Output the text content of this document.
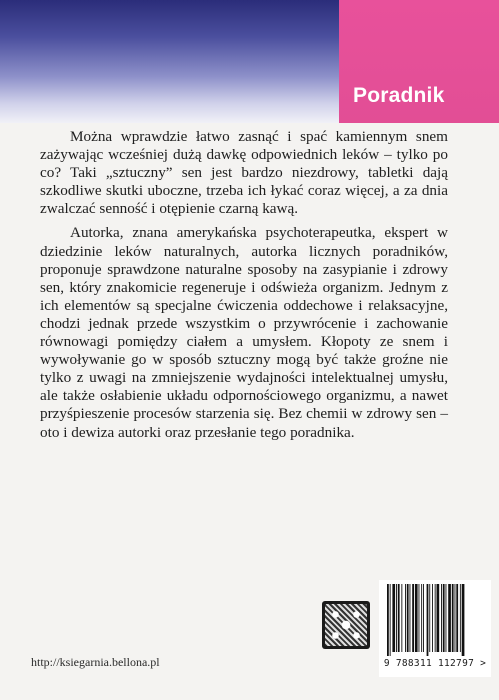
Poradnik

Można wprawdzie łatwo zasnąć i spać kamiennym snem zażywając wcześniej dużą dawkę odpowiednich leków – tylko po co? Taki „sztuczny” sen jest bardzo niezdrowy, tabletki dają szkodliwe skutki uboczne, trzeba ich łykać coraz więcej, a za dnia zwalczać senność i otępienie czarną kawą.

Autorka, znana amerykańska psychoterapeutka, ekspert w dziedzinie leków naturalnych, autorka licznych poradników, proponuje sprawdzone naturalne sposoby na zasypianie i zdrowy sen, który znakomicie regeneruje i odświeża organizm. Jednym z ich elementów są specjalne ćwiczenia oddechowe i relaksacyjne, chodzi jednak przede wszystkim o przywrócenie i zachowanie równowagi pomiędzy ciałem a umysłem. Kłopoty ze snem i wywoływanie go w sposób sztuczny mogą być także groźne nie tylko z uwagi na zmniejszenie wydajności intelektualnej umysłu, ale także osłabienie układu odpornościowego organizmu, a nawet przyśpieszenie procesów starzenia się. Bez chemii w zdrowy sen – oto i dewiza autorki oraz przesłanie tego poradnika.

http://ksiegarnia.bellona.pl	9 788311 112797 >
